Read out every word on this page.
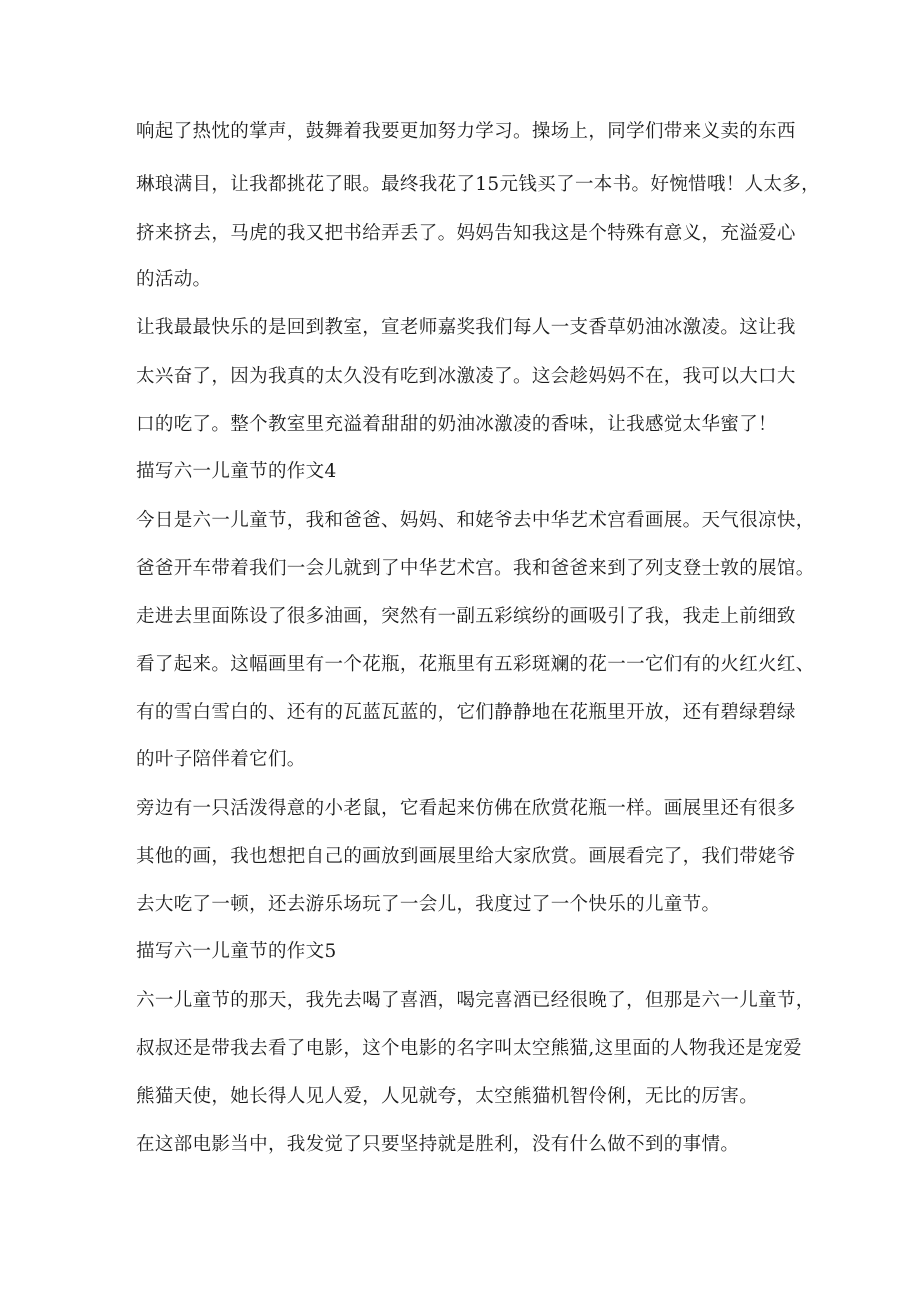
响起了热忱的掌声，鼓舞着我要更加努力学习。操场上，同学们带来义卖的东西
琳琅满目，让我都挑花了眼。最终我花了15元钱买了一本书。好惋惜哦！人太多，
挤来挤去，马虎的我又把书给弄丢了。妈妈告知我这是个特殊有意义，充溢爱心
的活动。
让我最最快乐的是回到教室，宣老师嘉奖我们每人一支香草奶油冰激凌。这让我
太兴奋了，因为我真的太久没有吃到冰激凌了。这会趁妈妈不在，我可以大口大
口的吃了。整个教室里充溢着甜甜的奶油冰激凌的香味，让我感觉太华蜜了！
描写六一儿童节的作文4
今日是六一儿童节，我和爸爸、妈妈、和姥爷去中华艺术宫看画展。天气很凉快，
爸爸开车带着我们一会儿就到了中华艺术宫。我和爸爸来到了列支登士敦的展馆。
走进去里面陈设了很多油画，突然有一副五彩缤纷的画吸引了我，我走上前细致
看了起来。这幅画里有一个花瓶，花瓶里有五彩斑斓的花一一它们有的火红火红、
有的雪白雪白的、还有的瓦蓝瓦蓝的，它们静静地在花瓶里开放，还有碧绿碧绿
的叶子陪伴着它们。
旁边有一只活泼得意的小老鼠，它看起来仿佛在欣赏花瓶一样。画展里还有很多
其他的画，我也想把自己的画放到画展里给大家欣赏。画展看完了，我们带姥爷
去大吃了一顿，还去游乐场玩了一会儿，我度过了一个快乐的儿童节。
描写六一儿童节的作文5
六一儿童节的那天，我先去喝了喜酒，喝完喜酒已经很晚了，但那是六一儿童节，
叔叔还是带我去看了电影，这个电影的名字叫太空熊猫,这里面的人物我还是宠爱
熊猫天使，她长得人见人爱，人见就夸，太空熊猫机智伶俐，无比的厉害。
在这部电影当中，我发觉了只要坚持就是胜利，没有什么做不到的事情。
